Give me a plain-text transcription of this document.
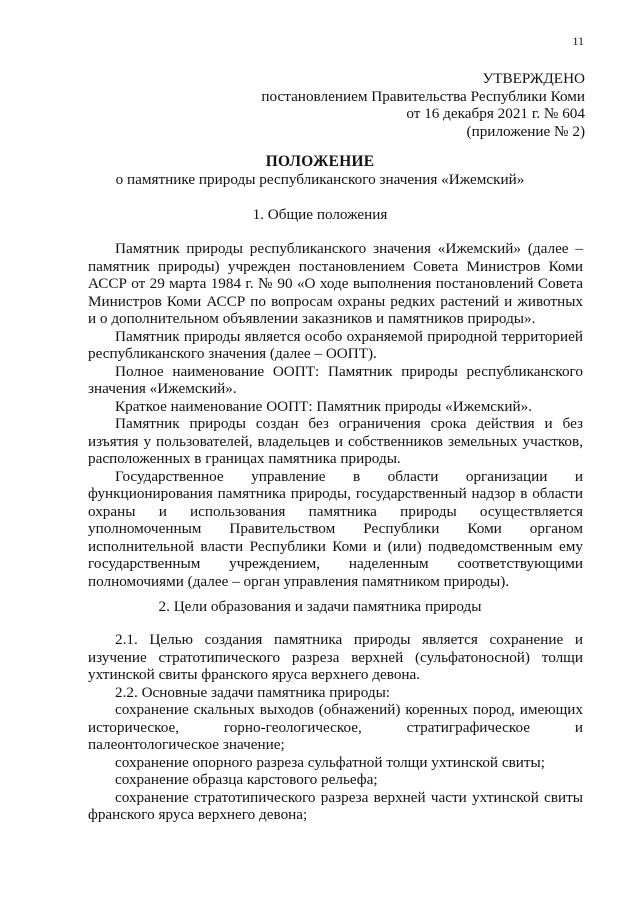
11
УТВЕРЖДЕНО
постановлением Правительства Республики Коми
от 16 декабря 2021 г. № 604
(приложение № 2)
ПОЛОЖЕНИЕ
о памятнике природы республиканского значения «Ижемский»
1. Общие положения

Памятник природы республиканского значения «Ижемский» (далее – памятник природы) учрежден постановлением Совета Министров Коми АССР от 29 марта 1984 г. № 90 «О ходе выполнения постановлений Совета Министров Коми АССР по вопросам охраны редких растений и животных и о дополнительном объявлении заказников и памятников природы».

Памятник природы является особо охраняемой природной территорией республиканского значения (далее – ООПТ).

Полное наименование ООПТ: Памятник природы республиканского значения «Ижемский».

Краткое наименование ООПТ: Памятник природы «Ижемский».

Памятник природы создан без ограничения срока действия и без изъятия у пользователей, владельцев и собственников земельных участков, расположенных в границах памятника природы.

Государственное управление в области организации и функционирования памятника природы, государственный надзор в области охраны и использования памятника природы осуществляется уполномоченным Правительством Республики Коми органом исполнительной власти Республики Коми и (или) подведомственным ему государственным учреждением, наделенным соответствующими полномочиями (далее – орган управления памятником природы).

2. Цели образования и задачи памятника природы

2.1. Целью создания памятника природы является сохранение и изучение стратотипического разреза верхней (сульфатоносной) толщи ухтинской свиты франского яруса верхнего девона.

2.2. Основные задачи памятника природы:

сохранение скальных выходов (обнажений) коренных пород, имеющих историческое, горно-геологическое, стратиграфическое и палеонтологическое значение;

сохранение опорного разреза сульфатной толщи ухтинской свиты;

сохранение образца карстового рельефа;

сохранение стратотипического разреза верхней части ухтинской свиты франского яруса верхнего девона;
